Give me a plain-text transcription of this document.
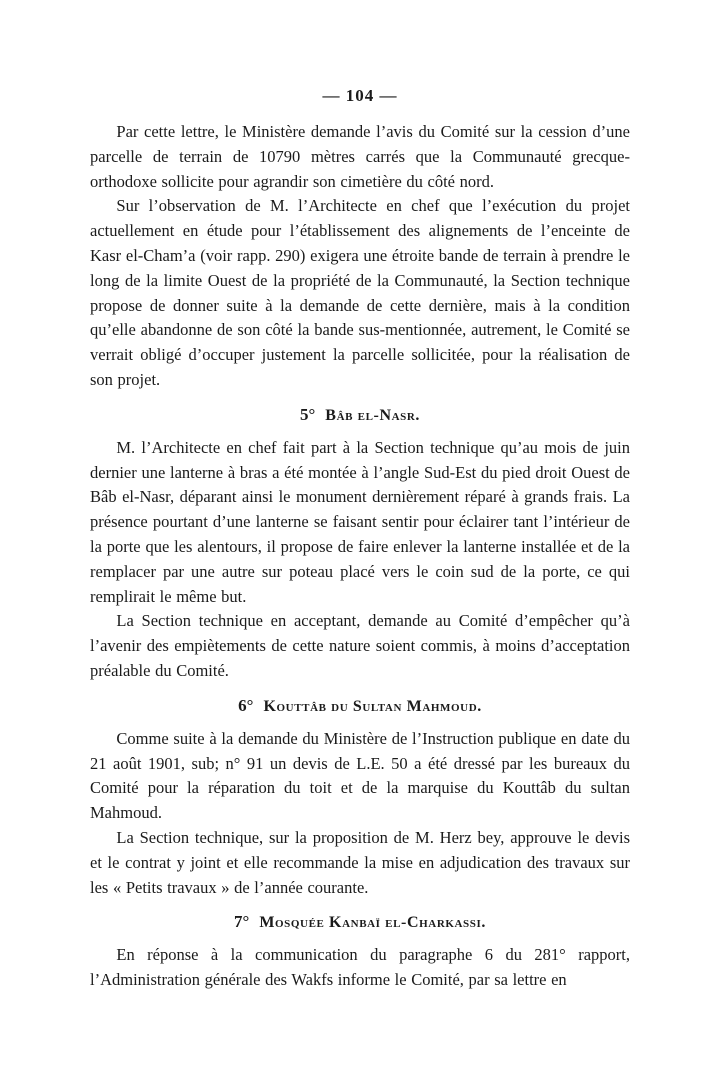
— 104 —

Par cette lettre, le Ministère demande l’avis du Comité sur la cession d’une parcelle de terrain de 10790 mètres carrés que la Communauté grecque-orthodoxe sollicite pour agrandir son cimetière du côté nord.

Sur l’observation de M. l’Architecte en chef que l’exécution du projet actuellement en étude pour l’établissement des alignements de l’enceinte de Kasr el-Cham’a (voir rapp. 290) exigera une étroite bande de terrain à prendre le long de la limite Ouest de la propriété de la Communauté, la Section technique propose de donner suite à la demande de cette dernière, mais à la condition qu’elle abandonne de son côté la bande sus-mentionnée, autrement, le Comité se verrait obligé d’occuper justement la parcelle sollicitée, pour la réalisation de son projet.

5° Bâb el-Nasr.

M. l’Architecte en chef fait part à la Section technique qu’au mois de juin dernier une lanterne à bras a été montée à l’angle Sud-Est du pied droit Ouest de Bâb el-Nasr, déparant ainsi le monument dernièrement réparé à grands frais. La présence pourtant d’une lanterne se faisant sentir pour éclairer tant l’intérieur de la porte que les alentours, il propose de faire enlever la lanterne installée et de la remplacer par une autre sur poteau placé vers le coin sud de la porte, ce qui remplirait le même but.

La Section technique en acceptant, demande au Comité d’empêcher qu’à l’avenir des empiètements de cette nature soient commis, à moins d’acceptation préalable du Comité.

6° Kouttâb du Sultan Mahmoud.

Comme suite à la demande du Ministère de l’Instruction publique en date du 21 août 1901, sub; n° 91 un devis de L.E. 50 a été dressé par les bureaux du Comité pour la réparation du toit et de la marquise du Kouttâb du sultan Mahmoud.

La Section technique, sur la proposition de M. Herz bey, approuve le devis et le contrat y joint et elle recommande la mise en adjudication des travaux sur les « Petits travaux » de l’année courante.

7° Mosquée Kanbaï el-Charkassi.

En réponse à la communication du paragraphe 6 du 281° rapport, l’Administration générale des Wakfs informe le Comité, par sa lettre en
